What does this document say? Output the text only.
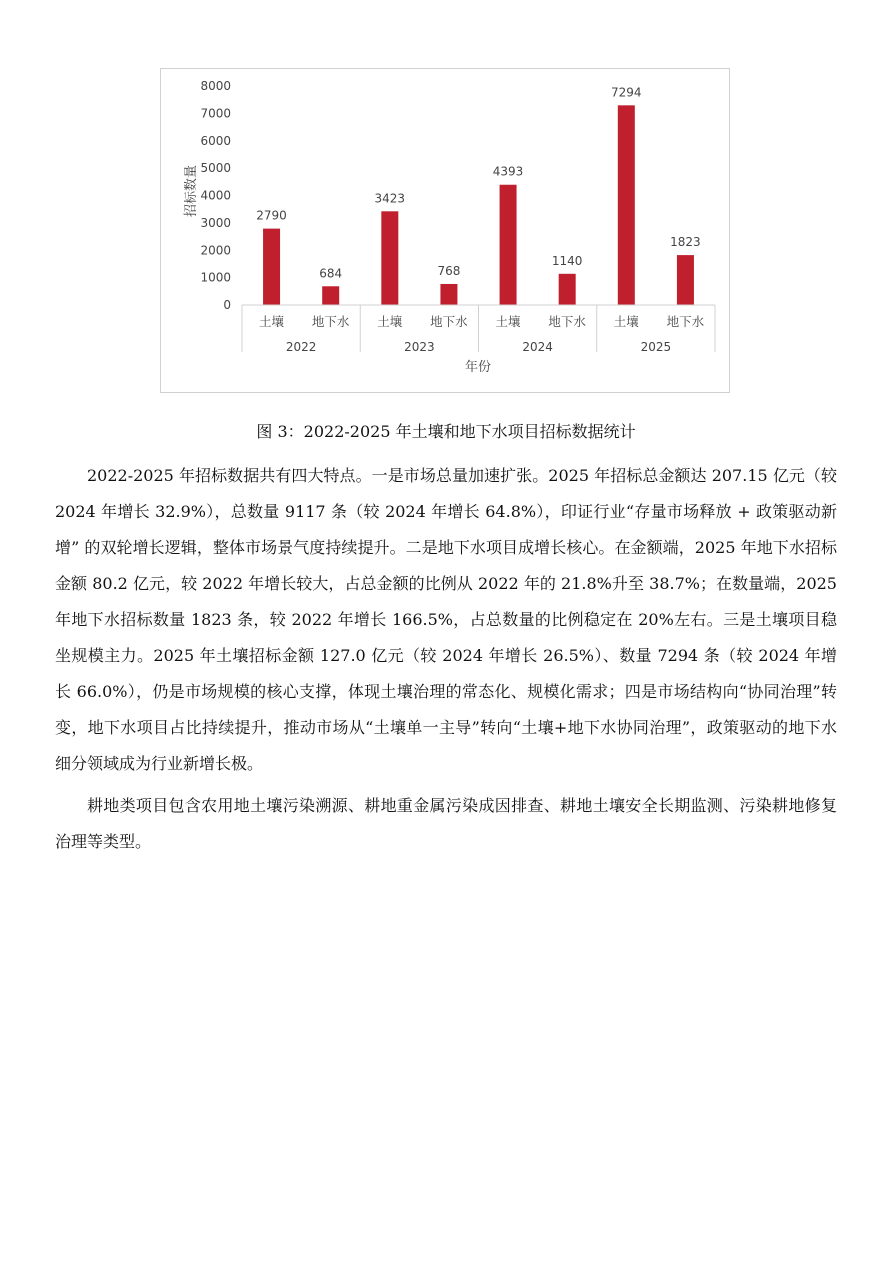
0
1000
2000
3000
4000
5000
6000
7000
8000
2790
684
3423
768
4393
1140
7294
1823
土壤 地下水
2022
土壤 地下水
2023
土壤 地下水
2024
土壤 地下水
2025
招标数量
年份
图 3：2022-2025 年土壤和地下水项目招标数据统计

2022-2025 年招标数据共有四大特点。一是市场总量加速扩张。2025 年招标总金额达 207.15 亿元（较 2024 年增长 32.9%），总数量 9117 条（较 2024 年增长 64.8%），印证行业“存量市场释放 + 政策驱动新增” 的双轮增长逻辑，整体市场景气度持续提升。二是地下水项目成增长核心。在金额端，2025 年地下水招标金额 80.2 亿元，较 2022 年增长较大，占总金额的比例从 2022 年的 21.8%升至 38.7%；在数量端，2025 年地下水招标数量 1823 条，较 2022 年增长 166.5%，占总数量的比例稳定在 20%左右。三是土壤项目稳坐规模主力。2025 年土壤招标金额 127.0 亿元（较 2024 年增长 26.5%）、数量 7294 条（较 2024 年增长 66.0%），仍是市场规模的核心支撑，体现土壤治理的常态化、规模化需求；四是市场结构向“协同治理”转变，地下水项目占比持续提升，推动市场从“土壤单一主导”转向“土壤+地下水协同治理”，政策驱动的地下水细分领域成为行业新增长极。

耕地类项目包含农用地土壤污染溯源、耕地重金属污染成因排查、耕地土壤安全长期监测、污染耕地修复治理等类型。
